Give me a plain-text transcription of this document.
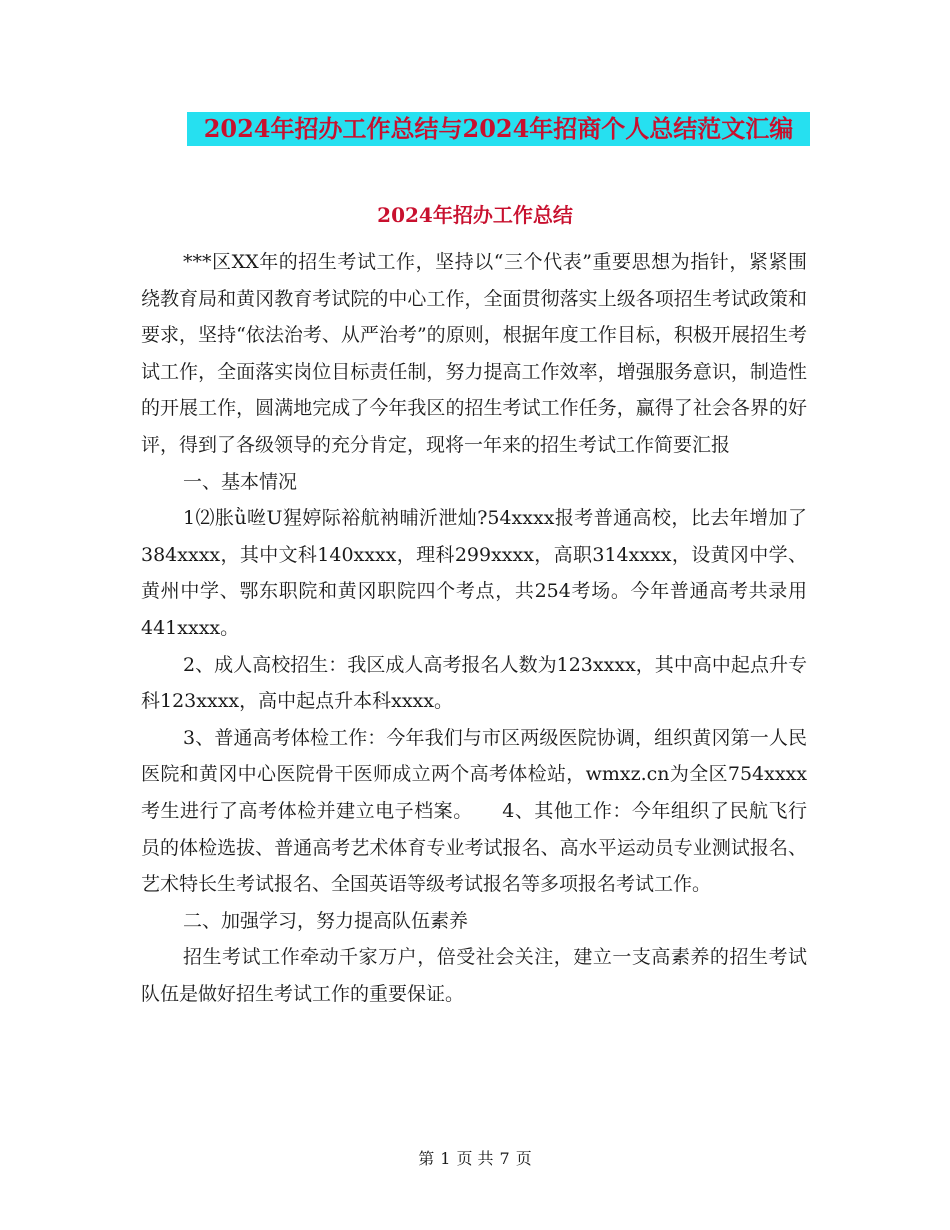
2024年招办工作总结与2024年招商个人总结范文汇编
2024年招办工作总结

***区XX年的招生考试工作，坚持以“三个代表”重要思想为指针，紧紧围绕教育局和黄冈教育考试院的中心工作，全面贯彻落实上级各项招生考试政策和要求，坚持“依法治考、从严治考”的原则，根据年度工作目标，积极开展招生考试工作，全面落实岗位目标责任制，努力提高工作效率，增强服务意识，制造性的开展工作，圆满地完成了今年我区的招生考试工作任务，赢得了社会各界的好评，得到了各级领导的充分肯定，现将一年来的招生考试工作简要汇报

一、基本情况

1⑵胀ǜ咝U猩婷际裕航衲晡沂泄灿?54xxxx报考普通高校，比去年增加了384xxxx，其中文科140xxxx，理科299xxxx，高职314xxxx，设黄冈中学、黄州中学、鄂东职院和黄冈职院四个考点，共254考场。今年普通高考共录用441xxxx。

2、成人高校招生：我区成人高考报名人数为123xxxx，其中高中起点升专科123xxxx，高中起点升本科xxxx。

3、普通高考体检工作：今年我们与市区两级医院协调，组织黄冈第一人民医院和黄冈中心医院骨干医师成立两个高考体检站，wmxz.cn为全区754xxxx考生进行了高考体检并建立电子档案。　　4、其他工作：今年组织了民航飞行员的体检选拔、普通高考艺术体育专业考试报名、高水平运动员专业测试报名、艺术特长生考试报名、全国英语等级考试报名等多项报名考试工作。

二、加强学习，努力提高队伍素养

招生考试工作牵动千家万户，倍受社会关注，建立一支高素养的招生考试队伍是做好招生考试工作的重要保证。

第 1 页 共 7 页
